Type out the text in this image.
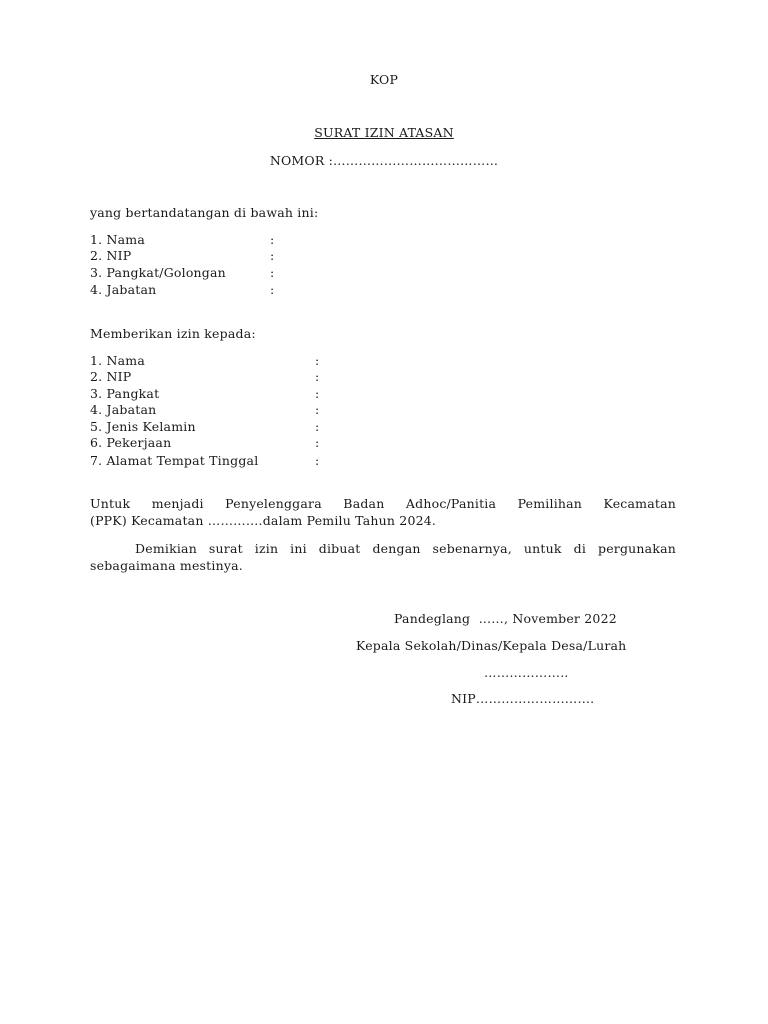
KOP
SURAT IZIN ATASAN
NOMOR :…………………………………
yang bertandatangan di bawah ini:
1. Nama	:
2. NIP	:
3. Pangkat/Golongan	:
4. Jabatan	:
Memberikan izin kepada:
1. Nama	:
2. NIP	:
3. Pangkat	:
4. Jabatan	:
5. Jenis Kelamin	:
6. Pekerjaan	:
7. Alamat Tempat Tinggal	:
Untuk menjadi Penyelenggara Badan Adhoc/Panitia Pemilihan Kecamatan
(PPK) Kecamatan ………….dalam Pemilu Tahun 2024.
Demikian surat izin ini dibuat dengan sebenarnya, untuk di pergunakan
sebagaimana mestinya.
Pandeglang  ……, November 2022
Kepala Sekolah/Dinas/Kepala Desa/Lurah
………………..
NIP……………………….
